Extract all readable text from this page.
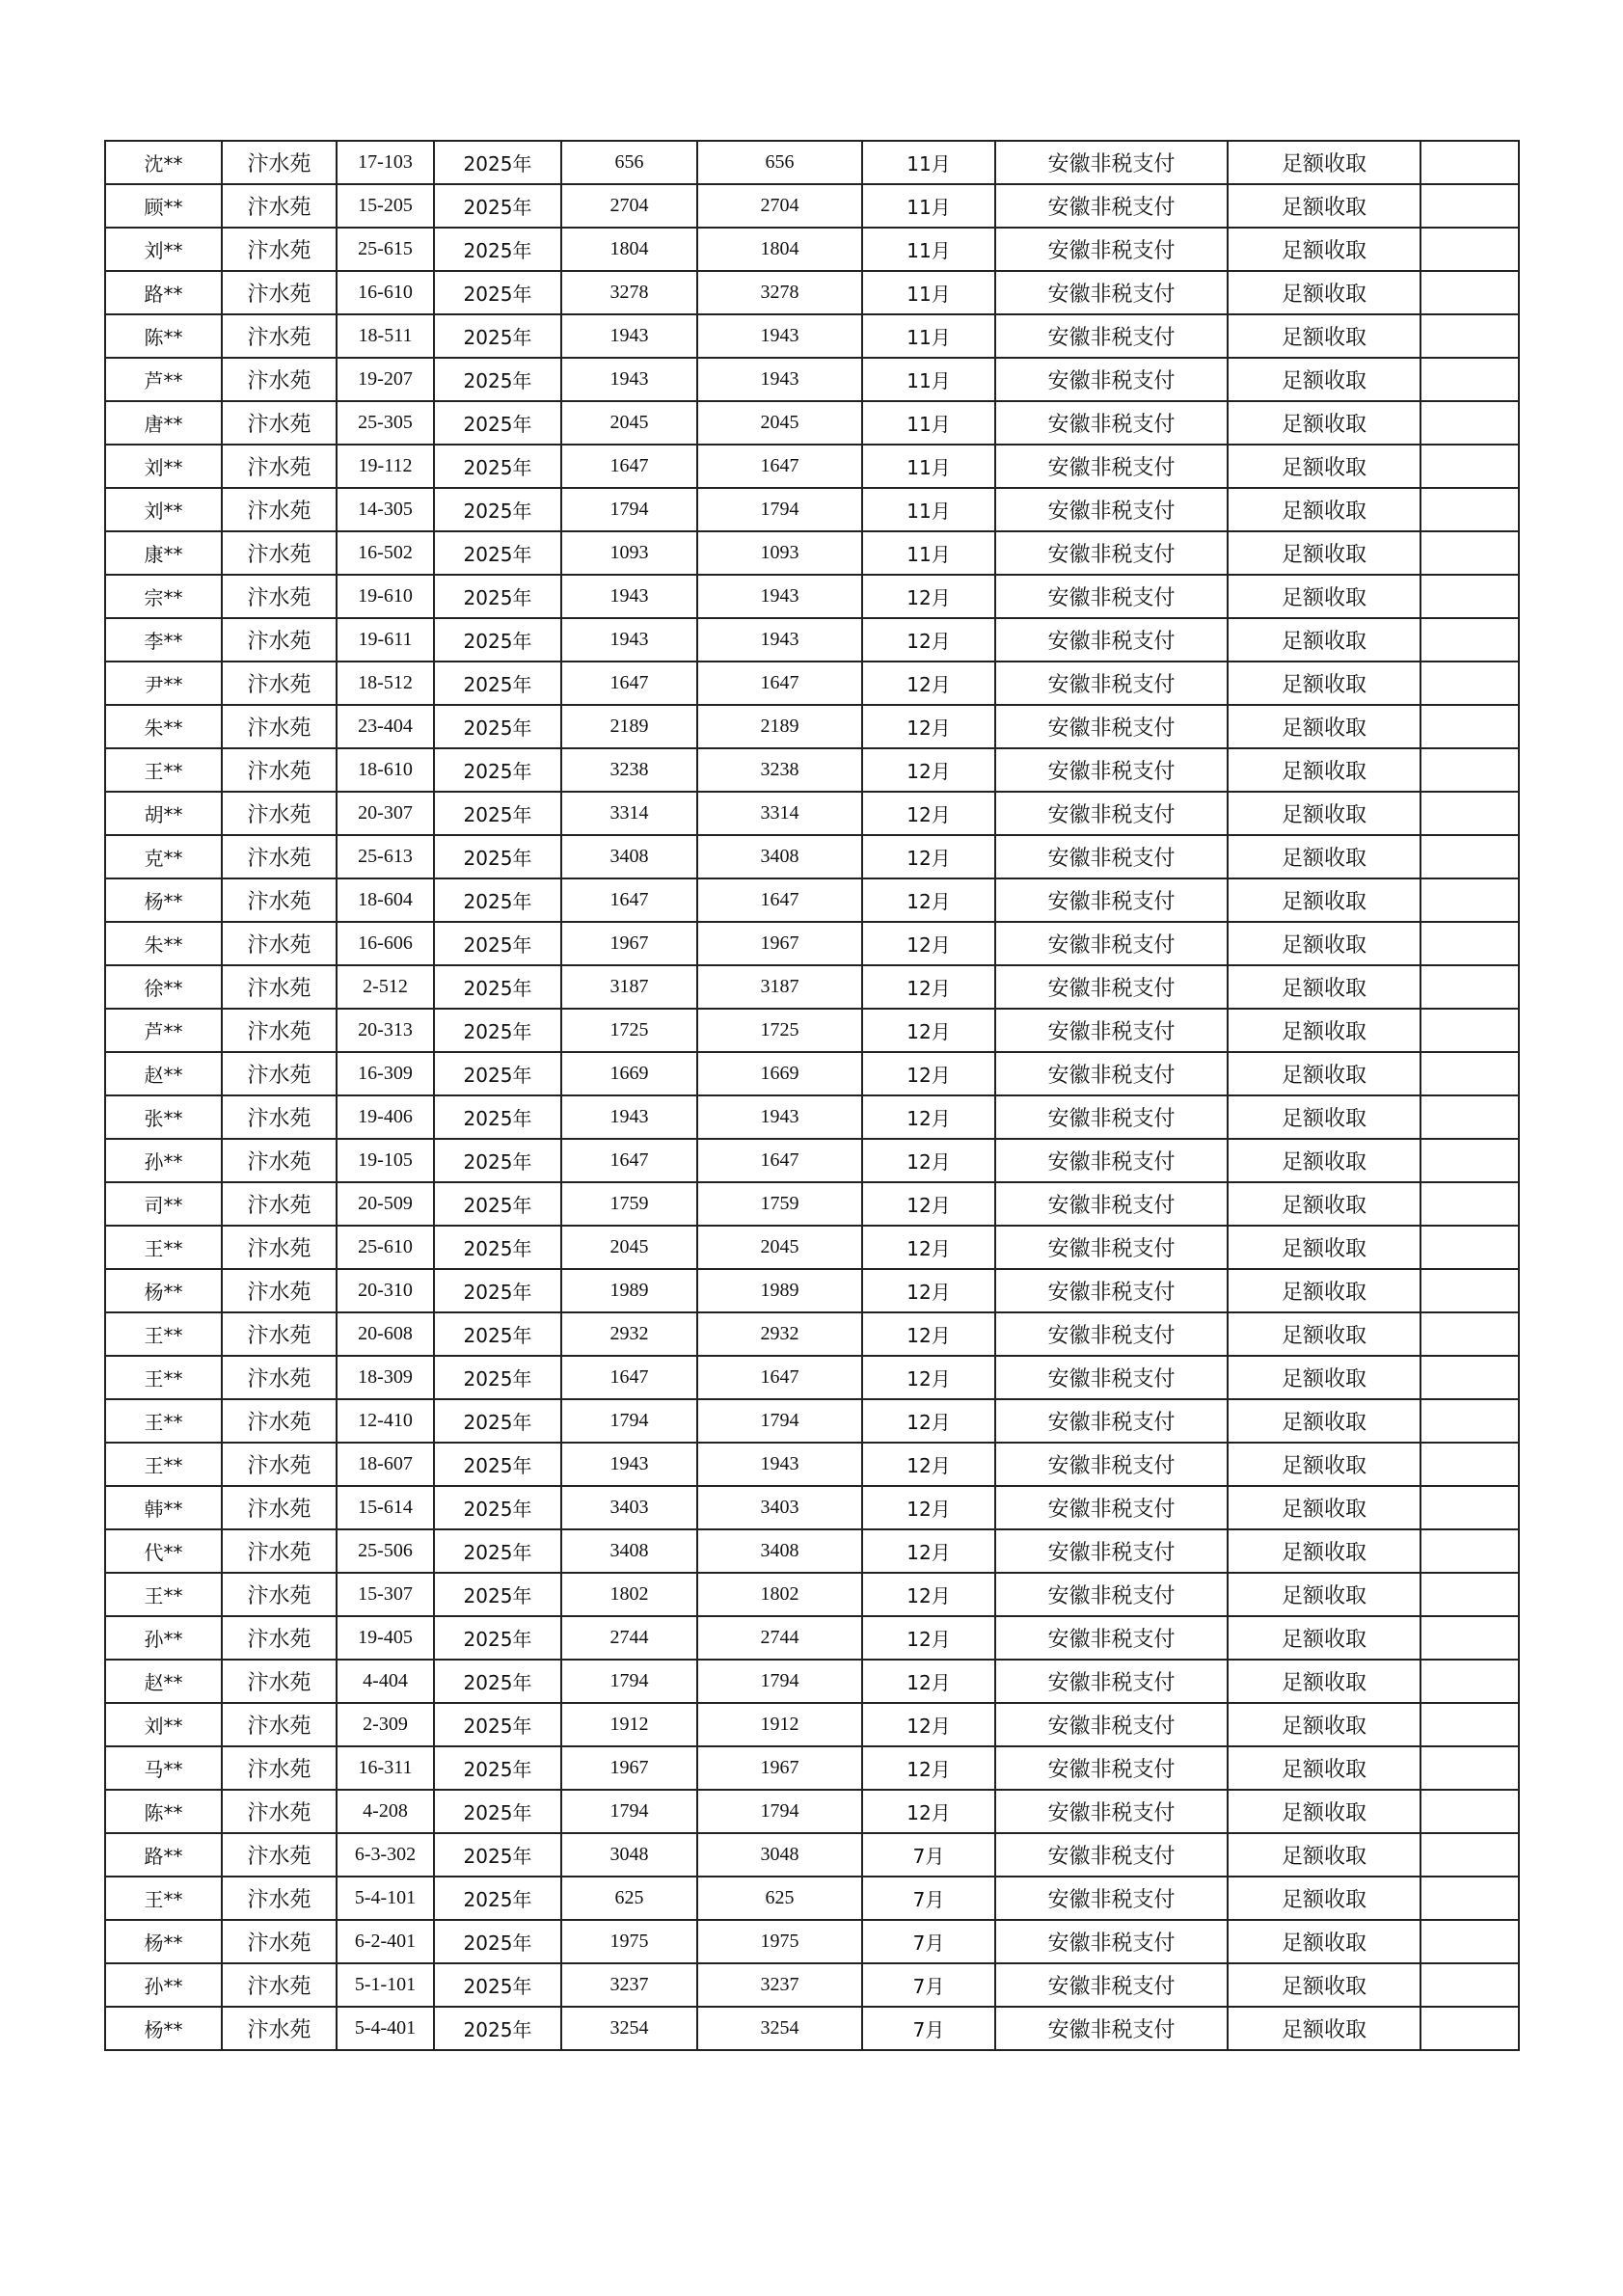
沈**	汴水苑	17-103	2025年	656	656	11月	安徽非税支付	足额收取	
顾**	汴水苑	15-205	2025年	2704	2704	11月	安徽非税支付	足额收取	
刘**	汴水苑	25-615	2025年	1804	1804	11月	安徽非税支付	足额收取	
路**	汴水苑	16-610	2025年	3278	3278	11月	安徽非税支付	足额收取	
陈**	汴水苑	18-511	2025年	1943	1943	11月	安徽非税支付	足额收取	
芦**	汴水苑	19-207	2025年	1943	1943	11月	安徽非税支付	足额收取	
唐**	汴水苑	25-305	2025年	2045	2045	11月	安徽非税支付	足额收取	
刘**	汴水苑	19-112	2025年	1647	1647	11月	安徽非税支付	足额收取	
刘**	汴水苑	14-305	2025年	1794	1794	11月	安徽非税支付	足额收取	
康**	汴水苑	16-502	2025年	1093	1093	11月	安徽非税支付	足额收取	
宗**	汴水苑	19-610	2025年	1943	1943	12月	安徽非税支付	足额收取	
李**	汴水苑	19-611	2025年	1943	1943	12月	安徽非税支付	足额收取	
尹**	汴水苑	18-512	2025年	1647	1647	12月	安徽非税支付	足额收取	
朱**	汴水苑	23-404	2025年	2189	2189	12月	安徽非税支付	足额收取	
王**	汴水苑	18-610	2025年	3238	3238	12月	安徽非税支付	足额收取	
胡**	汴水苑	20-307	2025年	3314	3314	12月	安徽非税支付	足额收取	
克**	汴水苑	25-613	2025年	3408	3408	12月	安徽非税支付	足额收取	
杨**	汴水苑	18-604	2025年	1647	1647	12月	安徽非税支付	足额收取	
朱**	汴水苑	16-606	2025年	1967	1967	12月	安徽非税支付	足额收取	
徐**	汴水苑	2-512	2025年	3187	3187	12月	安徽非税支付	足额收取	
芦**	汴水苑	20-313	2025年	1725	1725	12月	安徽非税支付	足额收取	
赵**	汴水苑	16-309	2025年	1669	1669	12月	安徽非税支付	足额收取	
张**	汴水苑	19-406	2025年	1943	1943	12月	安徽非税支付	足额收取	
孙**	汴水苑	19-105	2025年	1647	1647	12月	安徽非税支付	足额收取	
司**	汴水苑	20-509	2025年	1759	1759	12月	安徽非税支付	足额收取	
王**	汴水苑	25-610	2025年	2045	2045	12月	安徽非税支付	足额收取	
杨**	汴水苑	20-310	2025年	1989	1989	12月	安徽非税支付	足额收取	
王**	汴水苑	20-608	2025年	2932	2932	12月	安徽非税支付	足额收取	
王**	汴水苑	18-309	2025年	1647	1647	12月	安徽非税支付	足额收取	
王**	汴水苑	12-410	2025年	1794	1794	12月	安徽非税支付	足额收取	
王**	汴水苑	18-607	2025年	1943	1943	12月	安徽非税支付	足额收取	
韩**	汴水苑	15-614	2025年	3403	3403	12月	安徽非税支付	足额收取	
代**	汴水苑	25-506	2025年	3408	3408	12月	安徽非税支付	足额收取	
王**	汴水苑	15-307	2025年	1802	1802	12月	安徽非税支付	足额收取	
孙**	汴水苑	19-405	2025年	2744	2744	12月	安徽非税支付	足额收取	
赵**	汴水苑	4-404	2025年	1794	1794	12月	安徽非税支付	足额收取	
刘**	汴水苑	2-309	2025年	1912	1912	12月	安徽非税支付	足额收取	
马**	汴水苑	16-311	2025年	1967	1967	12月	安徽非税支付	足额收取	
陈**	汴水苑	4-208	2025年	1794	1794	12月	安徽非税支付	足额收取	
路**	汴水苑	6-3-302	2025年	3048	3048	7月	安徽非税支付	足额收取	
王**	汴水苑	5-4-101	2025年	625	625	7月	安徽非税支付	足额收取	
杨**	汴水苑	6-2-401	2025年	1975	1975	7月	安徽非税支付	足额收取	
孙**	汴水苑	5-1-101	2025年	3237	3237	7月	安徽非税支付	足额收取	
杨**	汴水苑	5-4-401	2025年	3254	3254	7月	安徽非税支付	足额收取	
